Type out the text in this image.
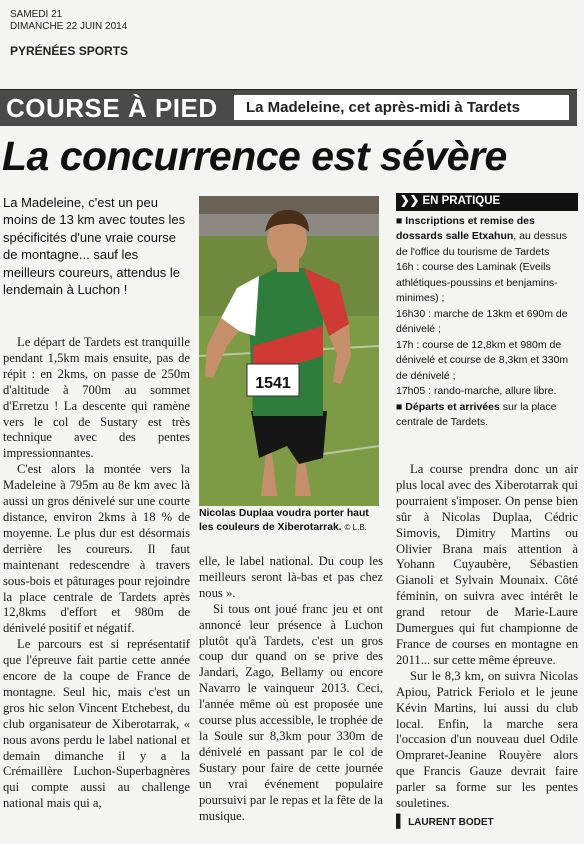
SAMEDI 21
DIMANCHE 22 JUIN 2014
PYRÉNÉES SPORTS
COURSE À PIED La Madeleine, cet après-midi à Tardets
La concurrence est sévère
La Madeleine, c'est un peu moins de 13 km avec toutes les spécificités d'une vraie course de montagne... sauf les meilleurs coureurs, attendus le lendemain à Luchon !

Le départ de Tardets est tranquille pendant 1,5km mais ensuite, pas de répit : en 2kms, on passe de 250m d'altitude à 700m au sommet d'Erretzu ! La descente qui ramène vers le col de Sustary est très technique avec des pentes impressionnantes.

C'est alors la montée vers la Madeleine à 795m au 8e km avec là aussi un gros dénivelé sur une courte distance, environ 2kms à 18 % de moyenne. Le plus dur est désormais derrière les coureurs. Il faut maintenant redescendre à travers sous-bois et pâturages pour rejoindre la place centrale de Tardets après 12,8kms d'effort et 980m de dénivelé positif et négatif.

Le parcours est si représentatif que l'épreuve fait partie cette année encore de la coupe de France de montagne. Seul hic, mais c'est un gros hic selon Vincent Etchebest, du club organisateur de Xiberotarrak, « nous avons perdu le label national et demain dimanche il y a la Crémaillère Luchon-Superbagnères qui compte aussi au challenge national mais qui a,

1541
Nicolas Duplaa voudra porter haut les couleurs de Xiberotarrak. © L.B.

elle, le label national. Du coup les meilleurs seront là-bas et pas chez nous ».

Si tous ont joué franc jeu et ont annoncé leur présence à Luchon plutôt qu'à Tardets, c'est un gros coup dur quand on se prive des Jandari, Zago, Bellamy ou encore Navarro le vainqueur 2013. Ceci, l'année même où est proposée une course plus accessible, le trophée de la Soule sur 8,3km pour 330m de dénivelé en passant par le col de Sustary pour faire de cette journée un vrai événement populaire poursuivi par le repas et la fête de la musique.

❯❯ EN PRATIQUE

■ Inscriptions et remise des dossards salle Etxahun, au dessus de l'office du tourisme de Tardets

16h : course des Laminak (Eveils athlétiques-poussins et benjamins-minimes) ;

16h30 : marche de 13km et 690m de dénivelé ;

17h : course de 12,8km et 980m de dénivelé et course de 8,3km et 330m de dénivelé ;

17h05 : rando-marche, allure libre.

■ Départs et arrivées sur la place centrale de Tardets.

La course prendra donc un air plus local avec des Xiberotarrak qui pourraient s'imposer. On pense bien sûr à Nicolas Duplaa, Cédric Simovis, Dimitry Martins ou Olivier Brana mais attention à Yohann Cuyaubère, Sébastien Gianoli et Sylvain Mounaix. Côté féminin, on suivra avec intérêt le grand retour de Marie-Laure Dumergues qui fut championne de France de courses en montagne en 2011... sur cette même épreuve.

Sur le 8,3 km, on suivra Nicolas Apiou, Patrick Feriolo et le jeune Kévin Martins, lui aussi du club local. Enfin, la marche sera l'occasion d'un nouveau duel Odile Ompraret-Jeanine Rouyère alors que Francis Gauze devrait faire parler sa forme sur les pentes souletines.

▌ LAURENT BODET
